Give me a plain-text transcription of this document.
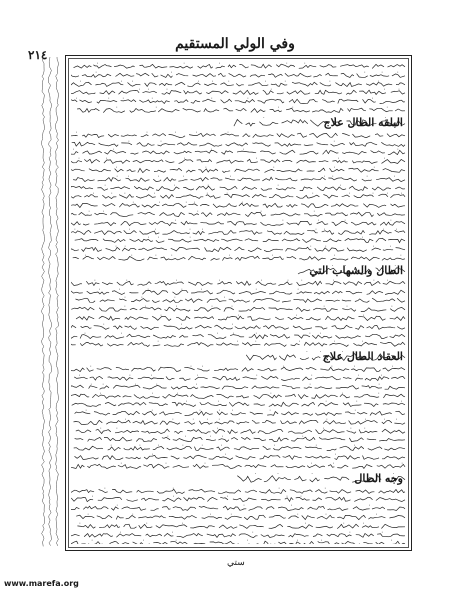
٢١٤
وفي الولي المستقيم
البلقه الطال علاج
الطال والشهاب التي
العقاد الطال علاج
وجه الطال
ستي
www.marefa.org
